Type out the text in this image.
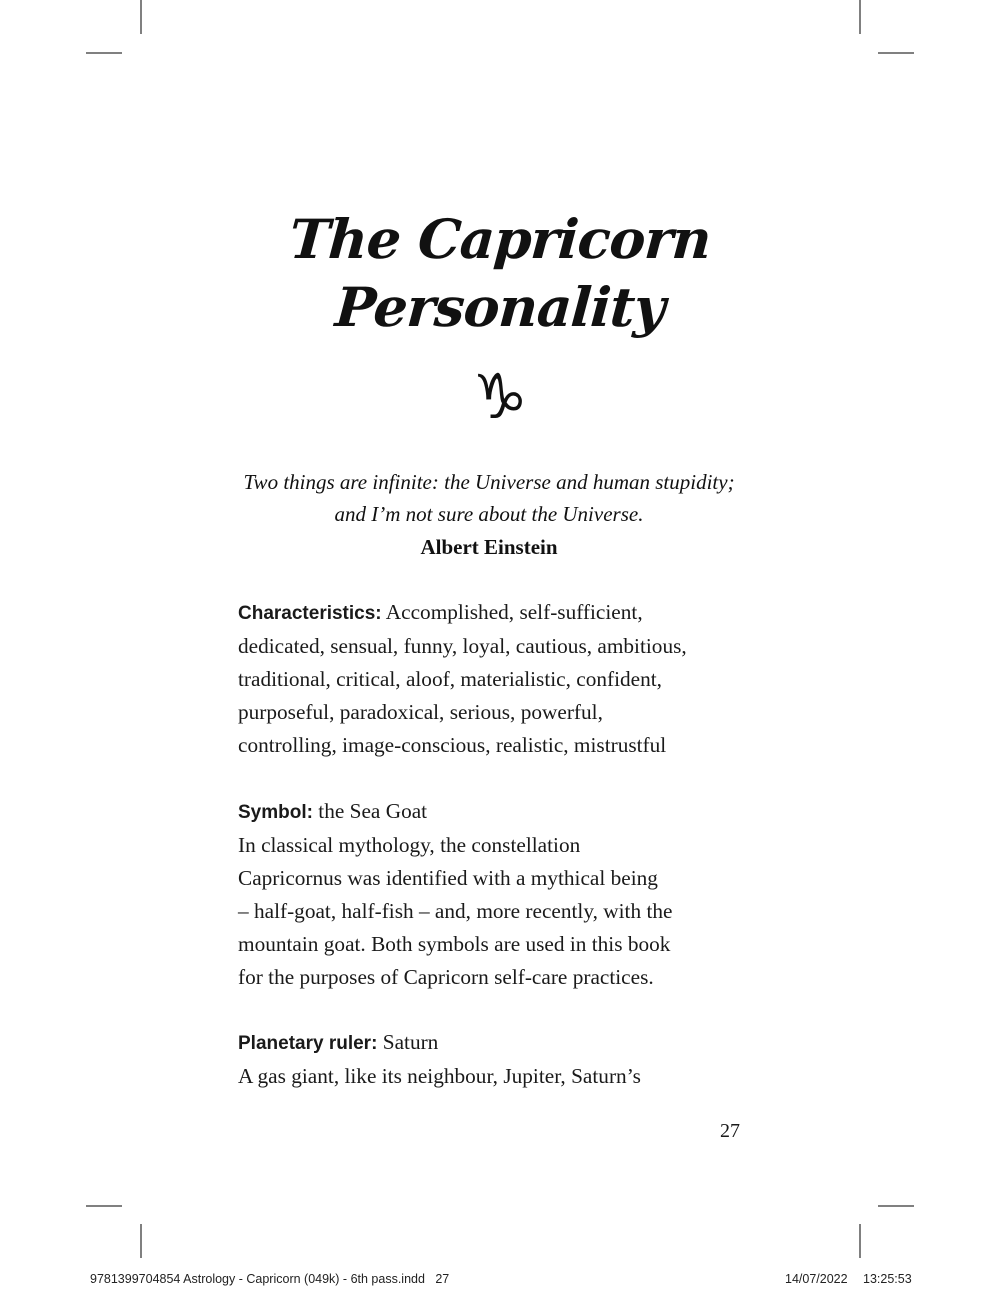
The Capricorn
Personality
♑
Two things are infinite: the Universe and human stupidity;
and I’m not sure about the Universe.
Albert Einstein
Characteristics: Accomplished, self-sufficient,
dedicated, sensual, funny, loyal, cautious, ambitious,
traditional, critical, aloof, materialistic, confident,
purposeful, paradoxical, serious, powerful,
controlling, image-conscious, realistic, mistrustful
Symbol: the Sea Goat
In classical mythology, the constellation
Capricornus was identified with a mythical being
– half-goat, half-fish – and, more recently, with the
mountain goat. Both symbols are used in this book
for the purposes of Capricorn self-care practices.
Planetary ruler: Saturn
A gas giant, like its neighbour, Jupiter, Saturn’s
27
9781399704854 Astrology - Capricorn (049k) - 6th pass.indd   27	14/07/2022 13:25:53
